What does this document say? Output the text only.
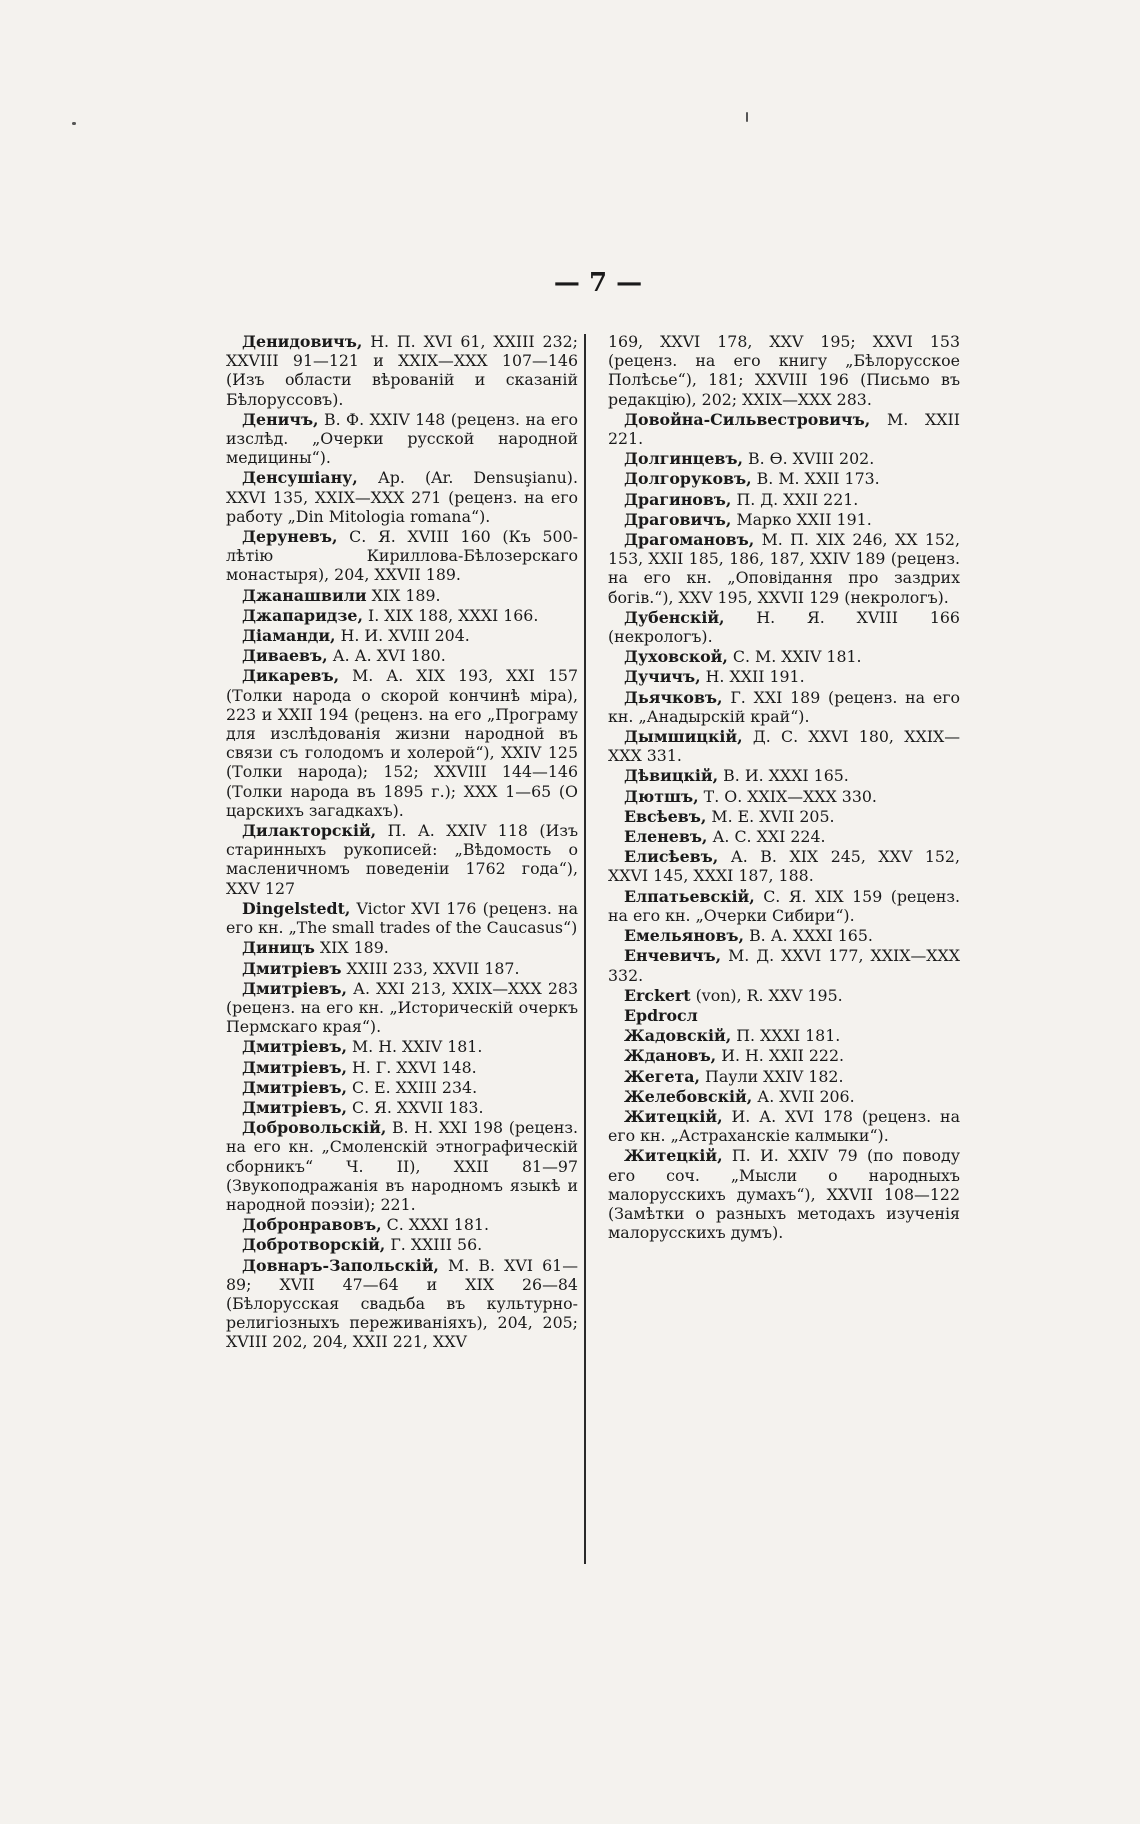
— 7 —

Денидовичъ, Н. П. XVI 61, XXIII 232; XXVIII 91—121 и XXIX—XXX 107—146 (Изъ области вѣрованій и сказаній Бѣлоруссовъ).

Деничъ, В. Ф. XXIV 148 (реценз. на его изслѣд. „Очерки русской народной медицины“).

Денсушіану, Ар. (Ar. Densuşianu). XXVI 135, XXIX—XXX 271 (реценз. на его работу „Din Mitologia romana“).

Деруневъ, С. Я. XVIII 160 (Къ 500-лѣтію Кириллова-Бѣлозерскаго монастыря), 204, XXVII 189.

Джанашвили XIX 189.

Джапаридзе, I. XIX 188, XXXI 166.

Діаманди, Н. И. XVIII 204.

Диваевъ, А. А. XVI 180.

Дикаревъ, М. А. XIX 193, XXI 157 (Толки народа о скорой кончинѣ міра), 223 и XXII 194 (реценз. на его „Програму для изслѣдованія жизни народной въ связи съ голодомъ и холерой“), XXIV 125 (Толки народа); 152; XXVIII 144—146 (Толки народа въ 1895 г.); XXX 1—65 (О царскихъ загадкахъ).

Дилакторскій, П. А. XXIV 118 (Изъ старинныхъ рукописей: „Вѣдомость о масленичномъ поведеніи 1762 года“), XXV 127

Dingelstedt, Victor XVI 176 (реценз. на его кн. „The small trades of the Caucasus“)

Диницъ XIX 189.

Дмитріевъ XXIII 233, XXVII 187.

Дмитріевъ, А. XXI 213, XXIX—XXX 283 (реценз. на его кн. „Историческій очеркъ Пермскаго края“).

Дмитріевъ, М. Н. XXIV 181.

Дмитріевъ, Н. Г. XXVI 148.

Дмитріевъ, С. Е. XXIII 234.

Дмитріевъ, С. Я. XXVII 183.

Добровольскій, В. Н. XXI 198 (реценз. на его кн. „Смоленскій этнографическій сборникъ“ Ч. II), XXII 81—97 (Звукоподражанія въ народномъ языкѣ и народной поэзіи); 221.

Добронравовъ, С. XXXI 181.

Добротворскій, Г. XXIII 56.

Довнаръ-Запольскій, М. В. XVI 61—89; XVII 47—64 и XIX 26—84 (Бѣлорусская свадьба въ культурно-религіозныхъ переживаніяхъ), 204, 205; XVIII 202, 204, XXII 221, XXV

169, XXVI 178, XXV 195; XXVI 153 (реценз. на его книгу „Бѣлорусское Полѣсье“), 181; XXVIII 196 (Письмо въ редакцію), 202; XXIX—XXX 283.

Довойна-Сильвестровичъ, М. XXII 221.

Долгинцевъ, В. Ѳ. XVIII 202.

Долгоруковъ, В. М. XXII 173.

Драгиновъ, П. Д. XXII 221.

Драговичъ, Марко XXII 191.

Драгомановъ, М. П. XIX 246, XX 152, 153, XXII 185, 186, 187, XXIV 189 (реценз. на его кн. „Оповідання про заздрих богів.“), XXV 195, XXVII 129 (некрологъ).

Дубенскій, Н. Я. XVIII 166 (некрологъ).

Духовской, С. М. XXIV 181.

Дучичъ, Н. XXII 191.

Дьячковъ, Г. XXI 189 (реценз. на его кн. „Анадырскій край“).

Дымшицкій, Д. С. XXVI 180, XXIX—XXX 331.

Дѣвицкій, В. И. XXXI 165.

Дютшъ, Т. О. XXIX—XXX 330.

Евсѣевъ, М. Е. XVII 205.

Еленевъ, А. С. XXI 224.

Елисѣевъ, А. В. XIX 245, XXV 152, XXVI 145, XXXI 187, 188.

Елпатьевскій, С. Я. XIX 159 (реценз. на его кн. „Очерки Сибири“).

Емельяновъ, В. А. XXXI 165.

Енчевичъ, М. Д. XXVI 177, XXIX—XXX 332.

Erckert (von), R. XXV 195.

Ерdroсл

Жадовскій, П. XXXI 181.

Ждановъ, И. Н. XXII 222.

Жегета, Паули XXIV 182.

Желебовскій, А. XVII 206.

Житецкій, И. А. XVI 178 (реценз. на его кн. „Астраханскіе калмыки“).

Житецкій, П. И. XXIV 79 (по поводу его соч. „Мысли о народныхъ малорусскихъ думахъ“), XXVII 108—122 (Замѣтки о разныхъ методахъ изученія малорусскихъ думъ).
